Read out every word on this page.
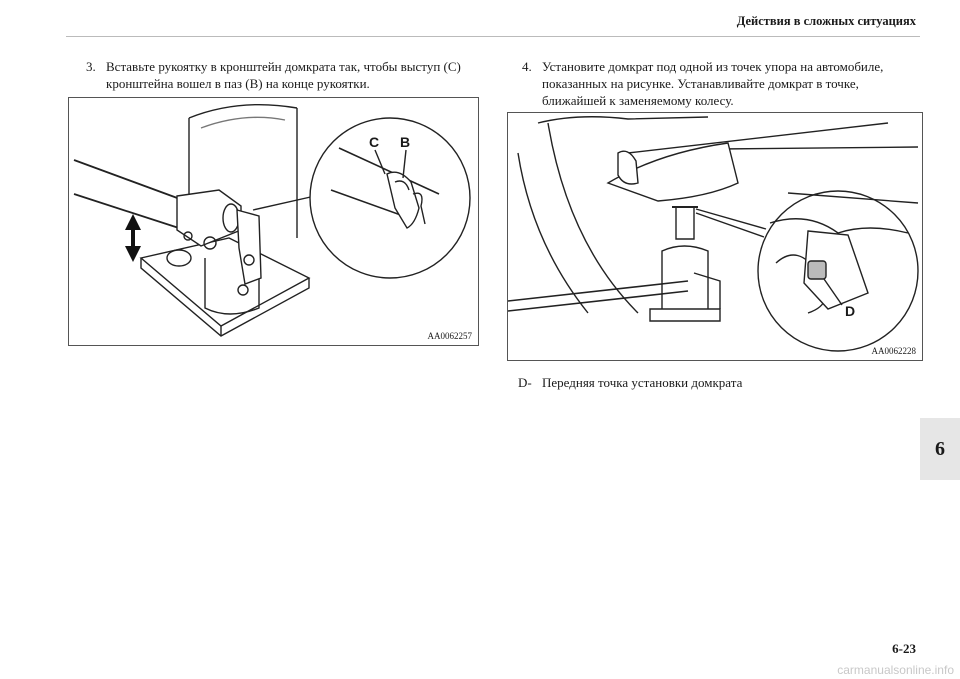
Действия в сложных ситуациях
3. Вставьте рукоятку в кронштейн домкрата так, чтобы выступ (C) кронштейна вошел в паз (B) на конце рукоятки.
4. Установите домкрат под одной из точек упора на автомобиле, показанных на рисунке. Устанавливайте домкрат в точке, ближайшей к заменяемому колесу.
C B
AA0062257
D
AA0062228
D- Передняя точка установки домкрата
6
6-23
carmanualsonline.info
